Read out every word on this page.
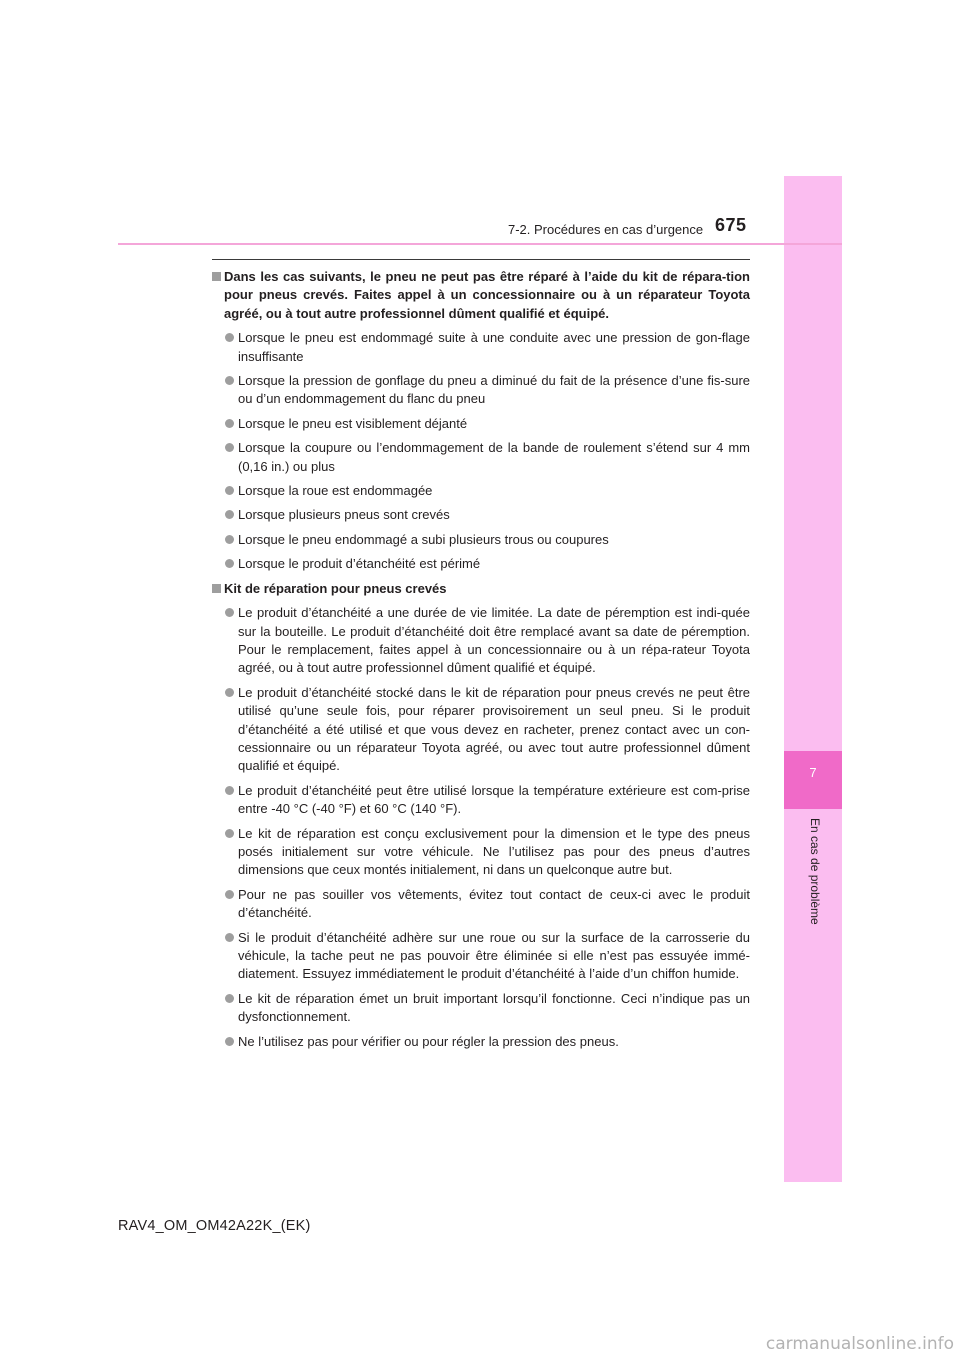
7
En cas de problème
7-2. Procédures en cas d’urgence 675
Dans les cas suivants, le pneu ne peut pas être réparé à l’aide du kit de répara-tion pour pneus crevés. Faites appel à un concessionnaire ou à un réparateur Toyota agréé, ou à tout autre professionnel dûment qualifié et équipé.
Lorsque le pneu est endommagé suite à une conduite avec une pression de gon-flage insuffisante
Lorsque la pression de gonflage du pneu a diminué du fait de la présence d’une fis-sure ou d’un endommagement du flanc du pneu
Lorsque le pneu est visiblement déjanté
Lorsque la coupure ou l’endommagement de la bande de roulement s’étend sur 4 mm (0,16 in.) ou plus
Lorsque la roue est endommagée
Lorsque plusieurs pneus sont crevés
Lorsque le pneu endommagé a subi plusieurs trous ou coupures
Lorsque le produit d’étanchéité est périmé
Kit de réparation pour pneus crevés
Le produit d’étanchéité a une durée de vie limitée. La date de péremption est indi-quée sur la bouteille. Le produit d’étanchéité doit être remplacé avant sa date de péremption. Pour le remplacement, faites appel à un concessionnaire ou à un répa-rateur Toyota agréé, ou à tout autre professionnel dûment qualifié et équipé.
Le produit d’étanchéité stocké dans le kit de réparation pour pneus crevés ne peut être utilisé qu’une seule fois, pour réparer provisoirement un seul pneu. Si le produit d’étanchéité a été utilisé et que vous devez en racheter, prenez contact avec un con-cessionnaire ou un réparateur Toyota agréé, ou avec tout autre professionnel dûment qualifié et équipé.
Le produit d’étanchéité peut être utilisé lorsque la température extérieure est com-prise entre -40 °C (-40 °F) et 60 °C (140 °F).
Le kit de réparation est conçu exclusivement pour la dimension et le type des pneus posés initialement sur votre véhicule. Ne l’utilisez pas pour des pneus d’autres dimensions que ceux montés initialement, ni dans un quelconque autre but.
Pour ne pas souiller vos vêtements, évitez tout contact de ceux-ci avec le produit d’étanchéité.
Si le produit d’étanchéité adhère sur une roue ou sur la surface de la carrosserie du véhicule, la tache peut ne pas pouvoir être éliminée si elle n’est pas essuyée immé-diatement. Essuyez immédiatement le produit d’étanchéité à l’aide d’un chiffon humide.
Le kit de réparation émet un bruit important lorsqu’il fonctionne. Ceci n’indique pas un dysfonctionnement.
Ne l’utilisez pas pour vérifier ou pour régler la pression des pneus.
RAV4_OM_OM42A22K_(EK)
carmanualsonline.info
